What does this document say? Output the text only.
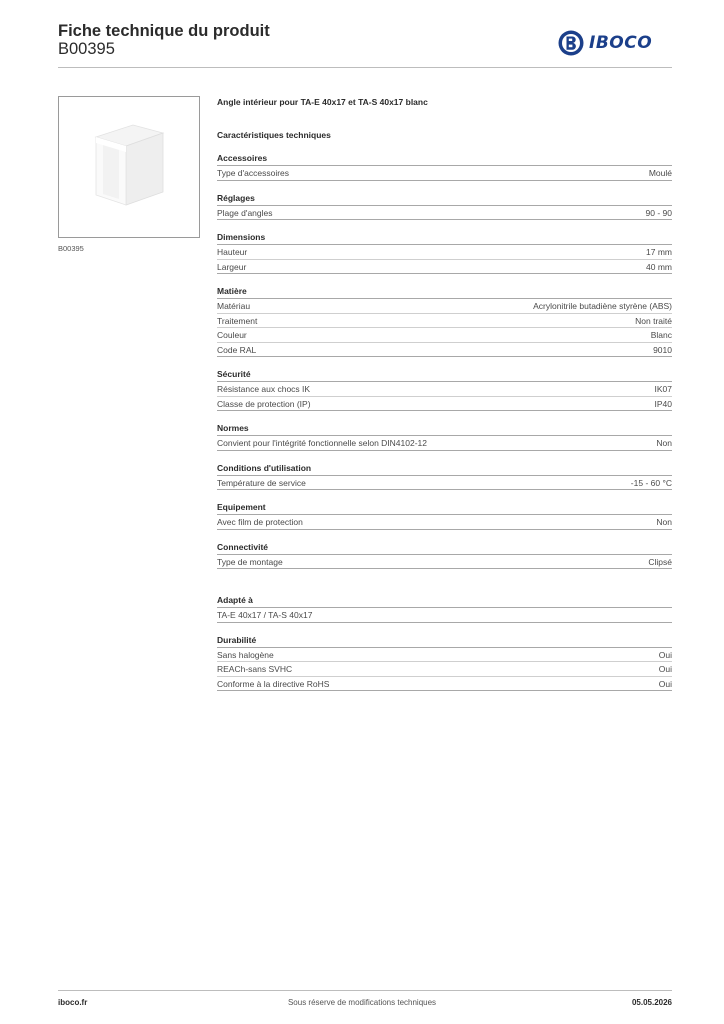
Fiche technique du produit
B00395	IBOCO
B00395
Angle intérieur pour TA-E 40x17 et TA-S 40x17 blanc
Caractéristiques techniques
Accessoires
Type d'accessoires	Moulé
Réglages
Plage d'angles	90 - 90
Dimensions
Hauteur	17 mm
Largeur	40 mm
Matière
Matériau	Acrylonitrile butadiène styrène (ABS)
Traitement	Non traité
Couleur	Blanc
Code RAL	9010
Sécurité
Résistance aux chocs IK	IK07
Classe de protection (IP)	IP40
Normes
Convient pour l'intégrité fonctionnelle selon DIN4102-12	Non
Conditions d'utilisation
Température de service	-15 - 60 °C
Equipement
Avec film de protection	Non
Connectivité
Type de montage	Clipsé
Adapté à
TA-E 40x17 / TA-S 40x17
Durabilité
Sans halogène	Oui
REACh-sans SVHC	Oui
Conforme à la directive RoHS	Oui
iboco.fr	Sous réserve de modifications techniques	05.05.2026
